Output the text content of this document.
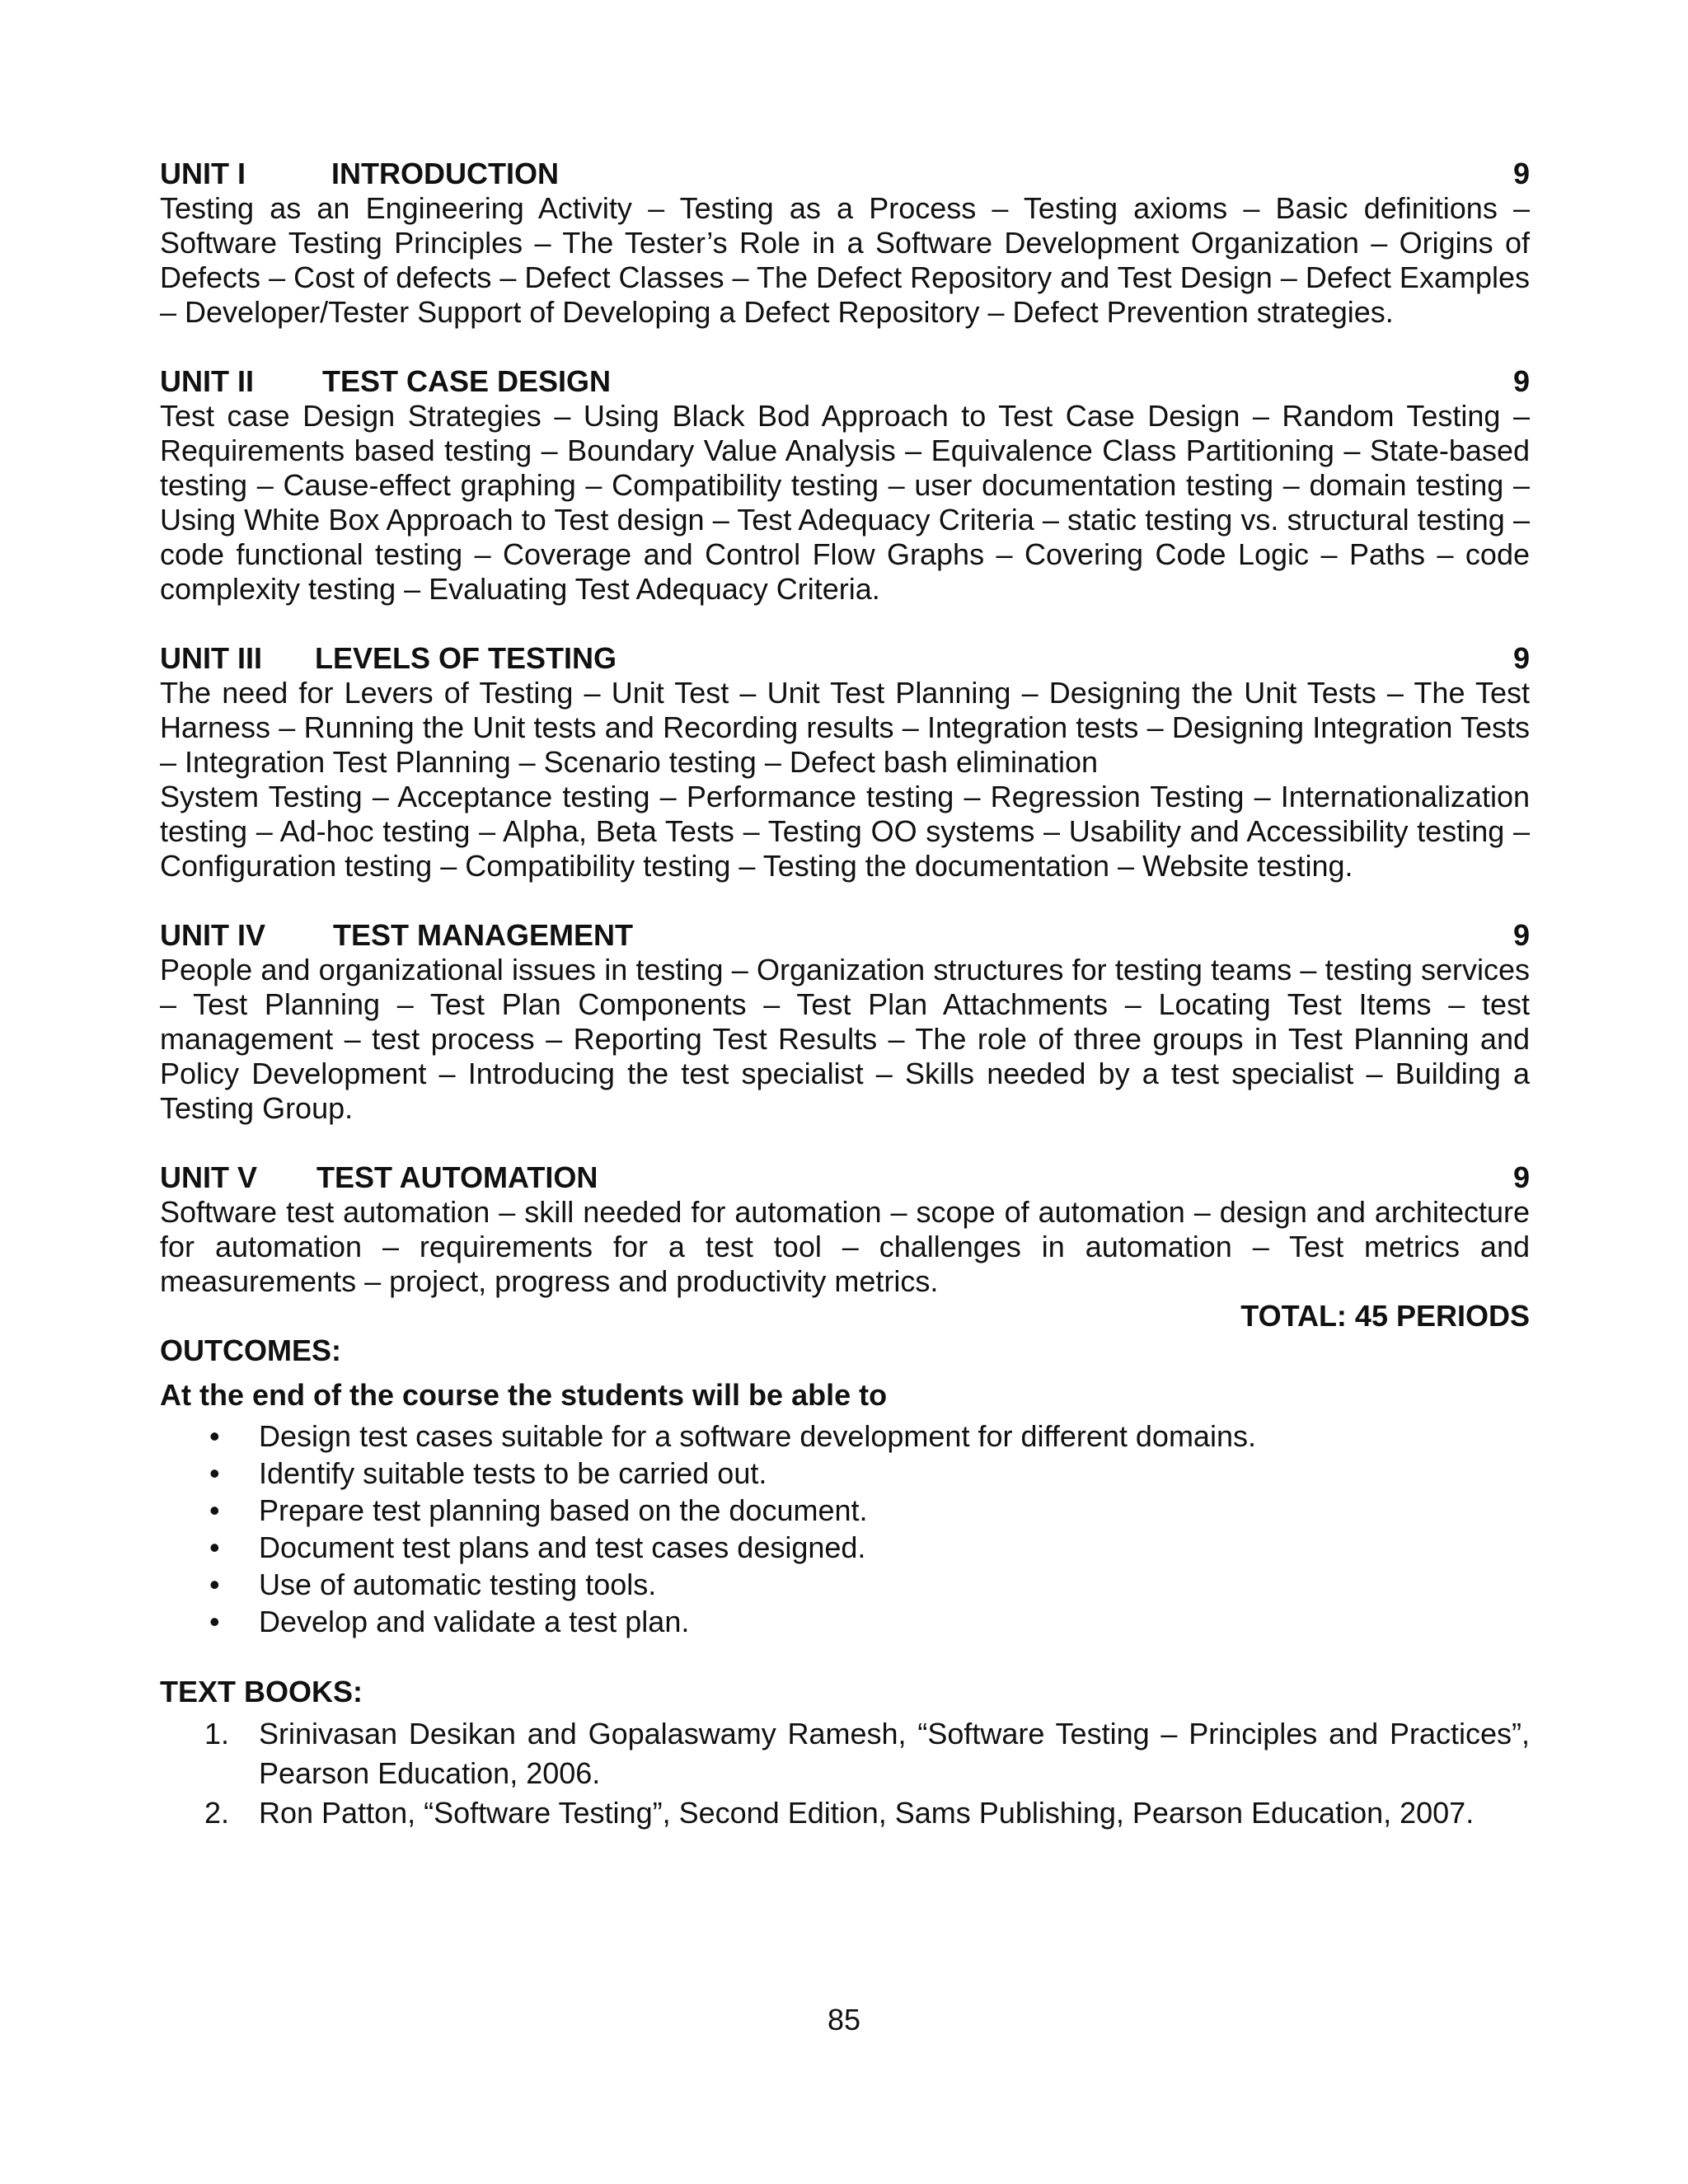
UNIT I	INTRODUCTION	9
Testing as an Engineering Activity – Testing as a Process – Testing axioms – Basic definitions – Software Testing Principles – The Tester’s Role in a Software Development Organization – Origins of Defects – Cost of defects – Defect Classes – The Defect Repository and Test Design – Defect Examples – Developer/Tester Support of Developing a Defect Repository – Defect Prevention strategies.
UNIT II	TEST CASE DESIGN	9
Test case Design Strategies – Using Black Bod Approach to Test Case Design – Random Testing – Requirements based testing – Boundary Value Analysis – Equivalence Class Partitioning – State-based testing – Cause-effect graphing – Compatibility testing – user documentation testing – domain testing – Using White Box Approach to Test design – Test Adequacy Criteria – static testing vs. structural testing – code functional testing – Coverage and Control Flow Graphs – Covering Code Logic – Paths – code complexity testing – Evaluating Test Adequacy Criteria.
UNIT III	LEVELS OF TESTING	9
The need for Levers of Testing – Unit Test – Unit Test Planning – Designing the Unit Tests – The Test Harness – Running the Unit tests and Recording results – Integration tests – Designing Integration Tests – Integration Test Planning – Scenario testing – Defect bash elimination
System Testing – Acceptance testing – Performance testing – Regression Testing – Internationalization testing – Ad-hoc testing – Alpha, Beta Tests – Testing OO systems – Usability and Accessibility testing – Configuration testing – Compatibility testing – Testing the documentation – Website testing.
UNIT IV	TEST MANAGEMENT	9
People and organizational issues in testing – Organization structures for testing teams – testing services – Test Planning – Test Plan Components – Test Plan Attachments – Locating Test Items – test management – test process – Reporting Test Results – The role of three groups in Test Planning and Policy Development – Introducing the test specialist – Skills needed by a test specialist – Building a Testing Group.
UNIT V	TEST AUTOMATION	9
Software test automation – skill needed for automation – scope of automation – design and architecture for automation – requirements for a test tool – challenges in automation – Test metrics and measurements – project, progress and productivity metrics.
TOTAL: 45 PERIODS
OUTCOMES:
At the end of the course the students will be able to
•	Design test cases suitable for a software development for different domains.
•	Identify suitable tests to be carried out.
•	Prepare test planning based on the document.
•	Document test plans and test cases designed.
•	Use of automatic testing tools.
•	Develop and validate a test plan.
TEXT BOOKS:
1. Srinivasan Desikan and Gopalaswamy Ramesh, “Software Testing – Principles and Practices”, Pearson Education, 2006.
2. Ron Patton, “Software Testing”, Second Edition, Sams Publishing, Pearson Education, 2007.
85
